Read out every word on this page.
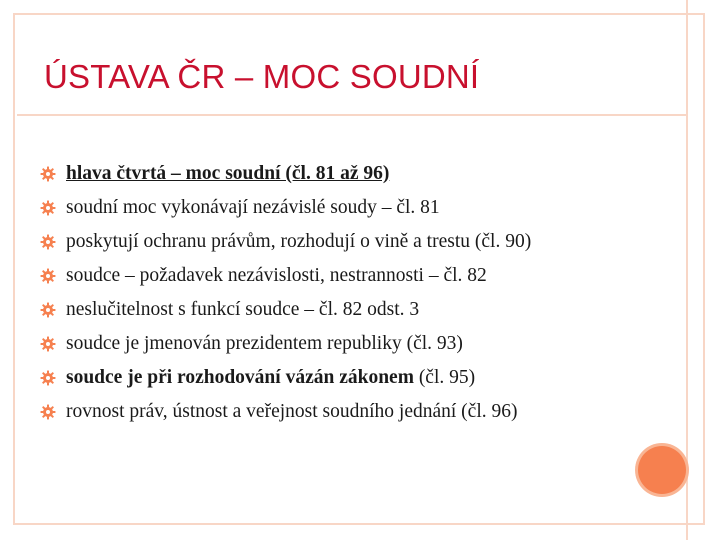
ÚSTAVA ČR – MOC SOUDNÍ
hlava čtvrtá – moc soudní (čl. 81 až 96)
soudní moc vykonávají nezávislé soudy – čl. 81
poskytují ochranu právům, rozhodují o vině a trestu (čl. 90)
soudce – požadavek nezávislosti, nestrannosti – čl. 82
neslučitelnost s funkcí soudce – čl. 82 odst. 3
soudce je jmenován prezidentem republiky (čl. 93)
soudce je při rozhodování vázán zákonem (čl. 95)
rovnost práv, ústnost a veřejnost soudního jednání (čl. 96)
